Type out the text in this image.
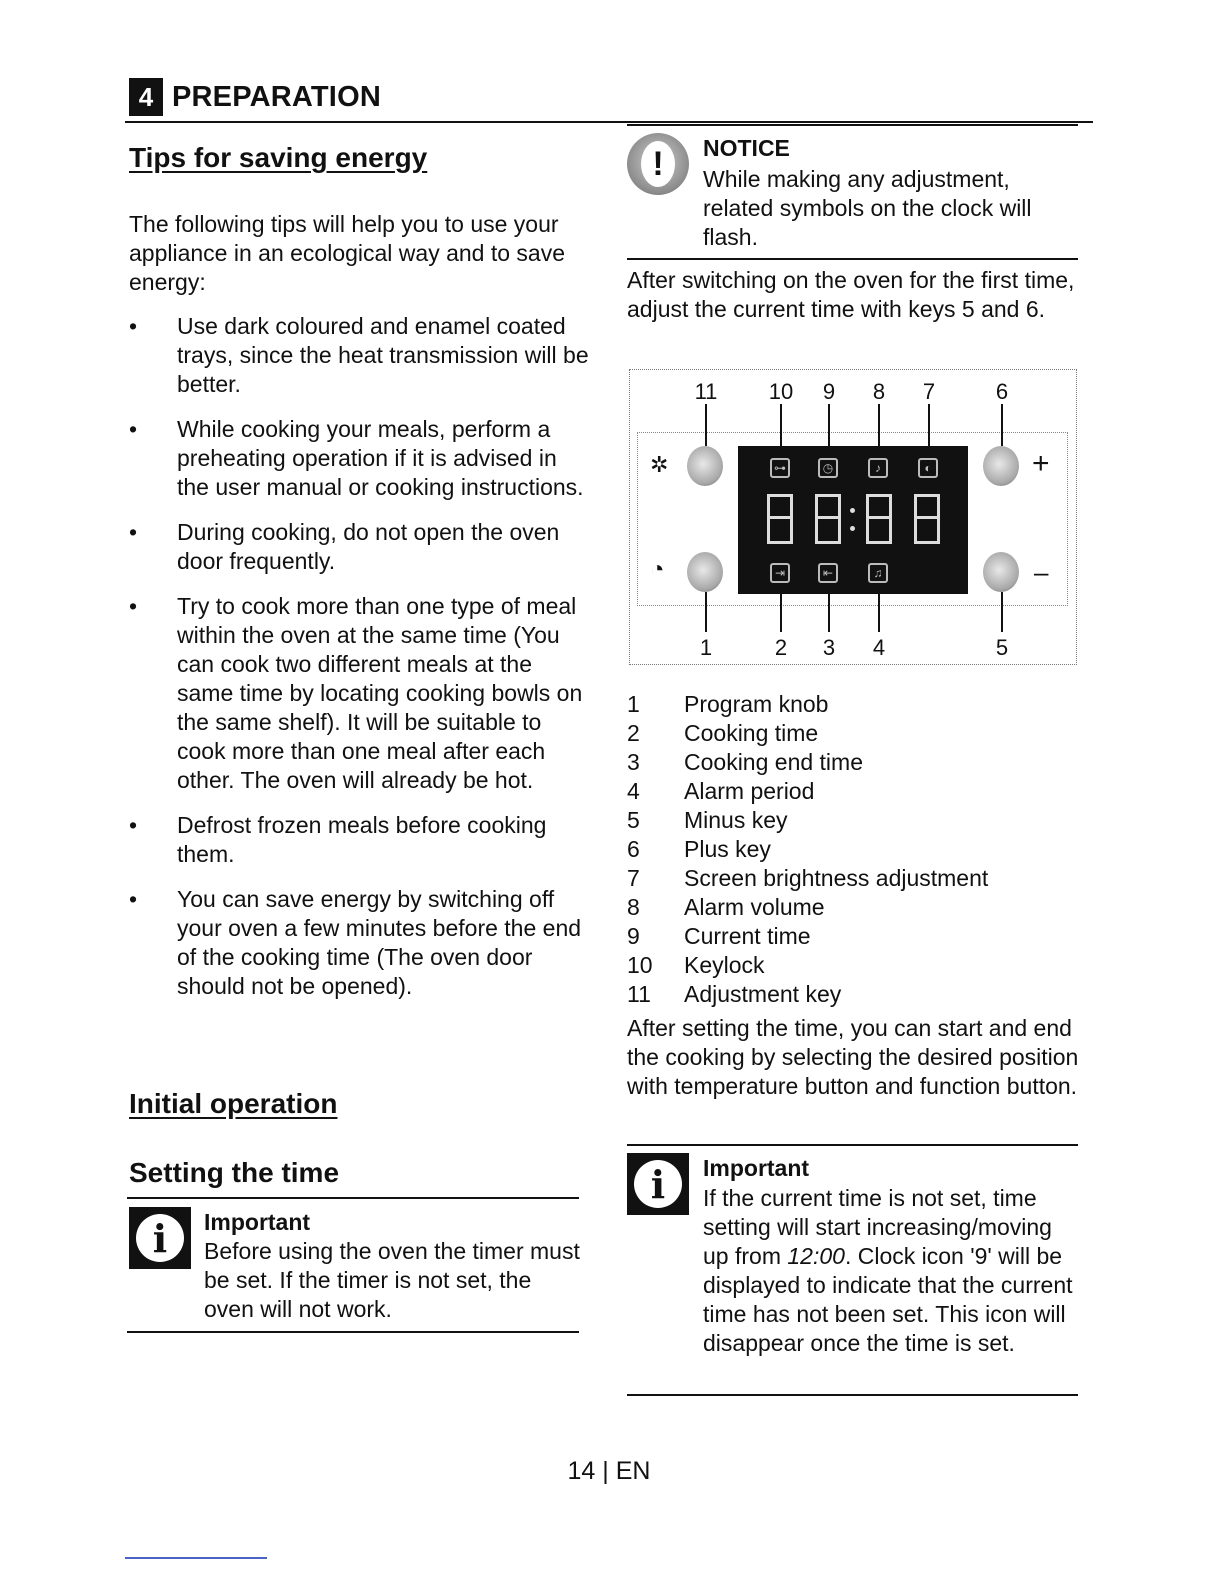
4 PREPARATION
Tips for saving energy
The following tips will help you to use your appliance in an ecological way and to save energy:
• Use dark coloured and enamel coated trays, since the heat transmission will be better.
• While cooking your meals, perform a preheating operation if it is advised in the user manual or cooking instructions.
• During cooking, do not open the oven door frequently.
• Try to cook more than one type of meal within the oven at the same time (You can cook two different meals at the same time by locating cooking bowls on the same shelf). It will be suitable to cook more than one meal after each other. The oven will already be hot.
• Defrost frozen meals before cooking them.
• You can save energy by switching off your oven a few minutes before the end of the cooking time (The oven door should not be opened).
Initial operation
Setting the time
i	Important
Before using the oven the timer must be set. If the timer is not set, the oven will not work.
!	NOTICE
While making any adjustment, related symbols on the clock will flash.
After switching on the oven for the first time, adjust the current time with keys 5 and 6.
11 10 9 8 7	6
✲
◔
+
–
⊶	◷	♪	◐
⇥	⇤	♫
1	2 3 4	5
1	Program knob
2	Cooking time
3	Cooking end time
4	Alarm period
5	Minus key
6	Plus key
7	Screen brightness adjustment
8	Alarm volume
9	Current time
10	Keylock
11	Adjustment key
After setting the time, you can start and end the cooking by selecting the desired position with temperature button and function button.
i	Important
If the current time is not set, time setting will start increasing/moving up from 12:00. Clock icon '9' will be displayed to indicate that the current time has not been set. This icon will disappear once the time is set.
14 | EN
